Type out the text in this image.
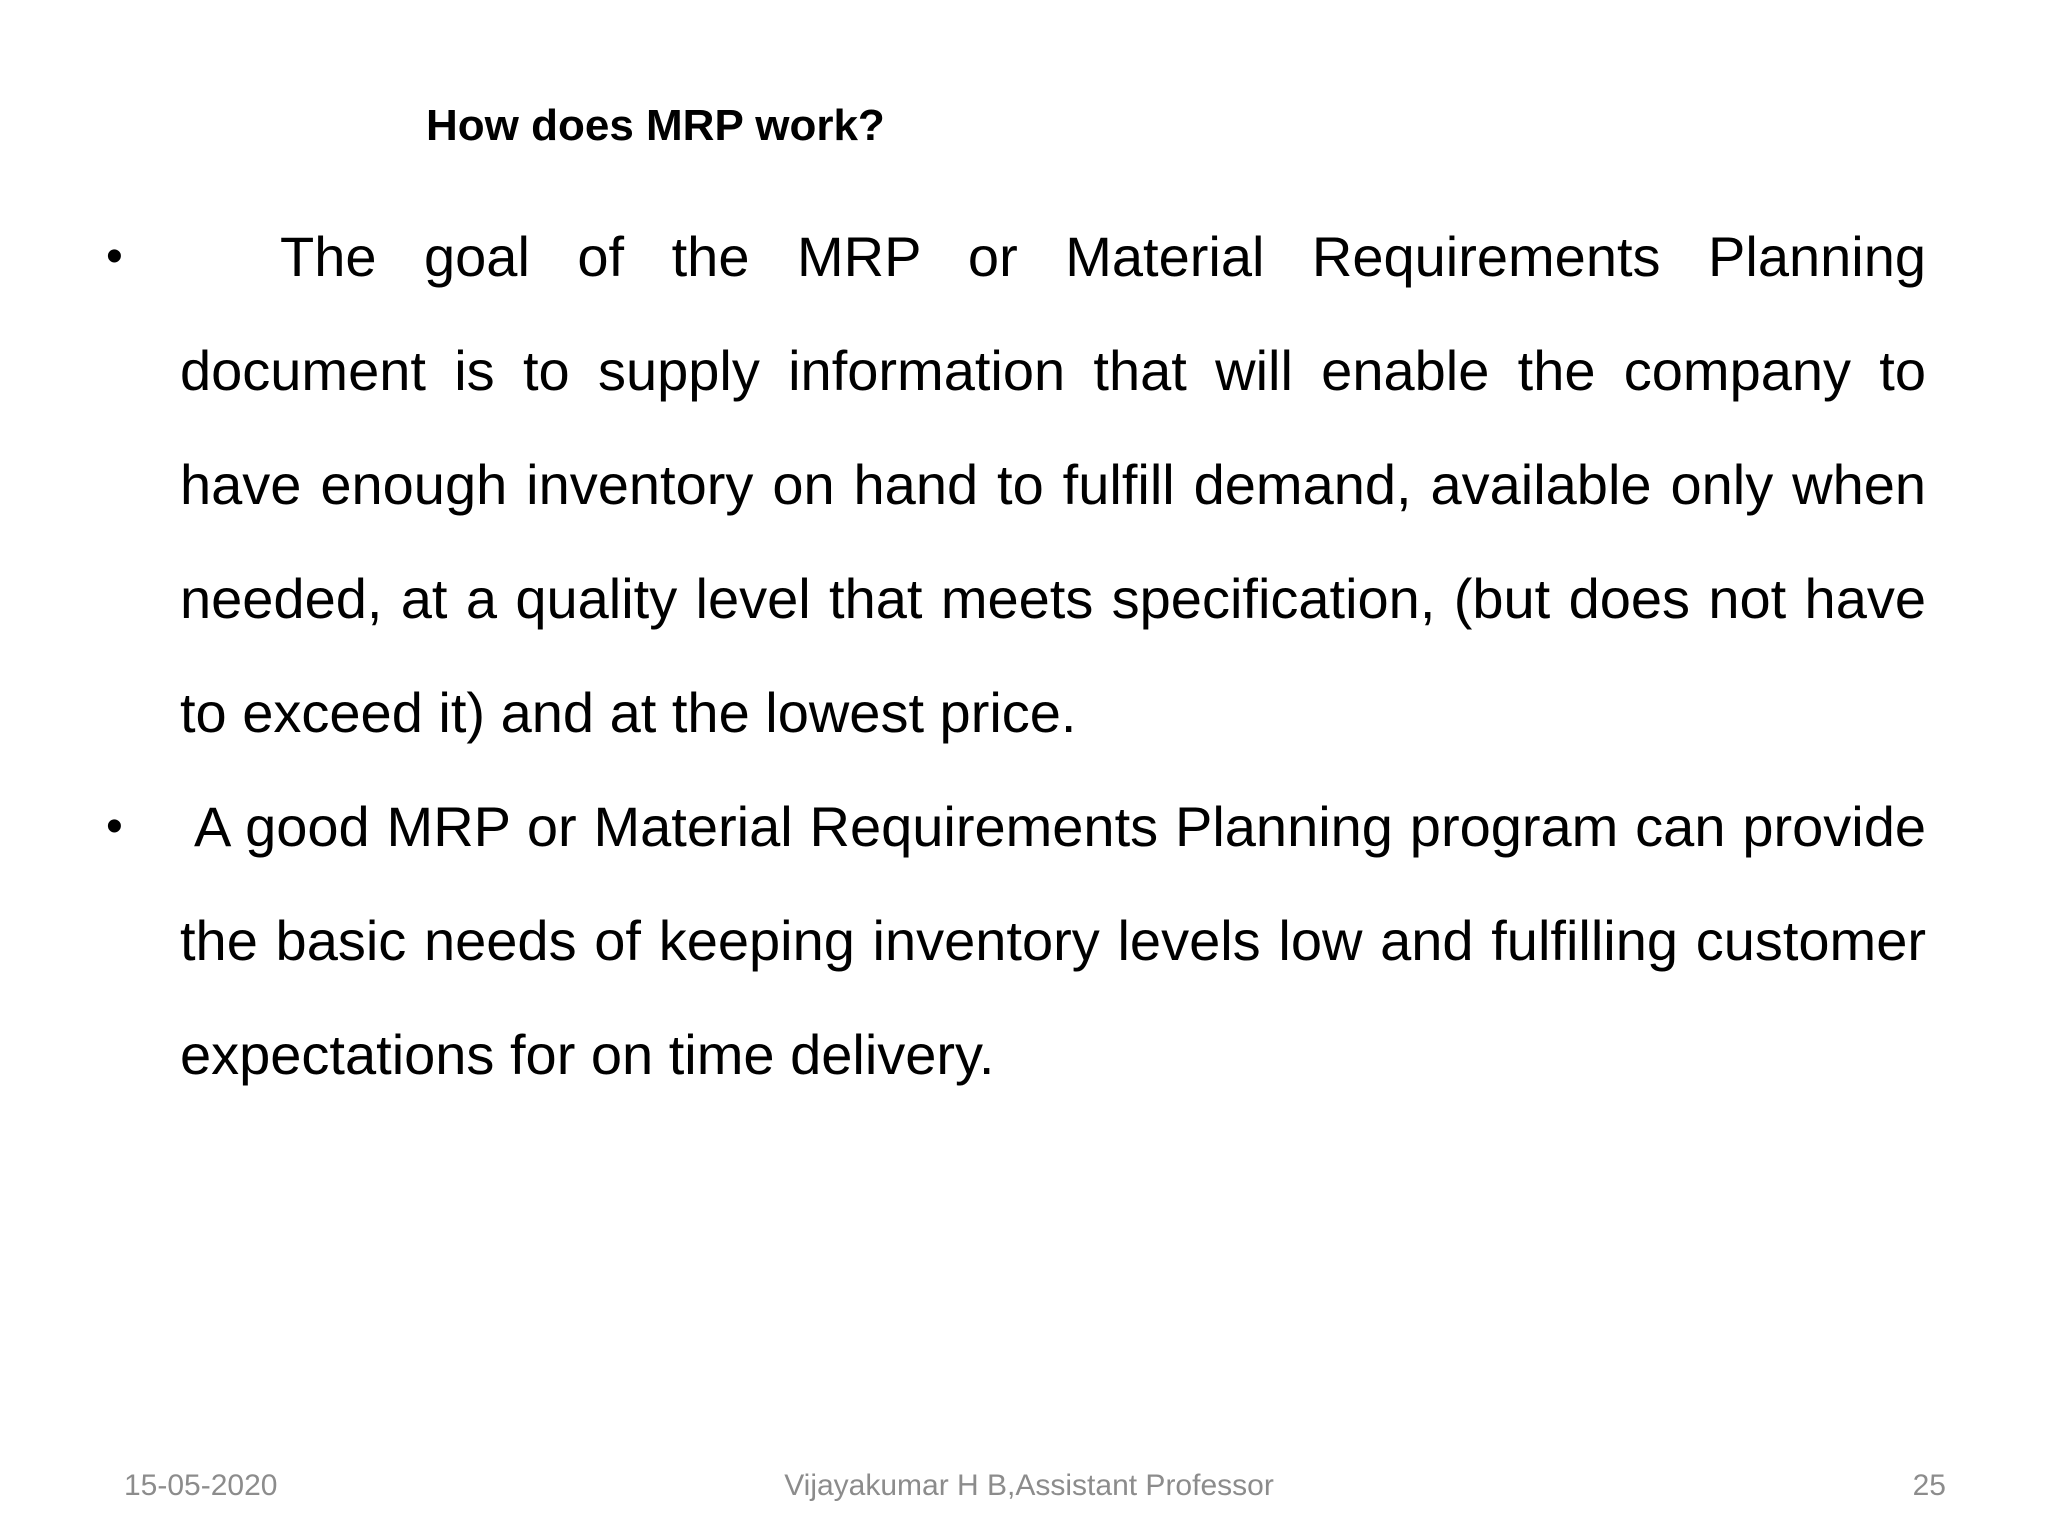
How does MRP work?
•	The goal of the MRP or Material Requirements Planning document is to supply information that will enable the company to have enough inventory on hand to fulfill demand, available only when needed, at a quality level that meets specification, (but does not have to exceed it) and at the lowest price.
• A good MRP or Material Requirements Planning program can provide the basic needs of keeping inventory levels low and fulfilling customer expectations for on time delivery.
15-05-2020	Vijayakumar H B,Assistant Professor	25
